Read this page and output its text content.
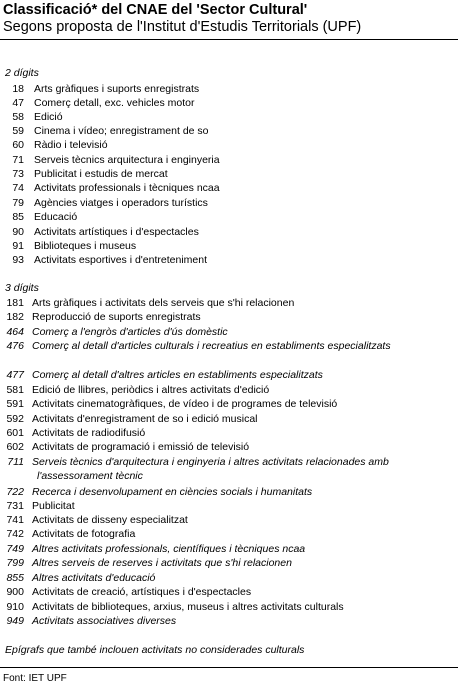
Classificació* del CNAE del 'Sector Cultural'
Segons proposta de l'Institut d'Estudis Territorials (UPF)
2 dígits
18 Arts gràfiques i suports enregistrats
47 Comerç detall, exc. vehicles motor
58 Edició
59 Cinema i vídeo; enregistrament de so
60 Ràdio i televisió
71 Serveis tècnics arquitectura i enginyeria
73 Publicitat i estudis de mercat
74 Activitats professionals i tècniques ncaa
79 Agències viatges i operadors turístics
85 Educació
90 Activitats artístiques i d'espectacles
91 Biblioteques i museus
93 Activitats esportives i d'entreteniment
3 dígits
181 Arts gràfiques i activitats dels serveis que s'hi relacionen
182 Reproducció de suports enregistrats
464 Comerç a l'engròs d'articles d'ús domèstic
476 Comerç al detall d'articles culturals i recreatius en establiments especialitzats
477 Comerç al detall d'altres articles en establiments especialitzats
581 Edició de llibres, periòdics i altres activitats d'edició
591 Activitats cinematogràfiques, de vídeo i de programes de televisió
592 Activitats d'enregistrament de so i edició musical
601 Activitats de radiodifusió
602 Activitats de programació i emissió de televisió
711 Serveis tècnics d'arquitectura i enginyeria i altres activitats relacionades amb
l'assessorament tècnic
722 Recerca i desenvolupament en ciències socials i humanitats
731 Publicitat
741 Activitats de disseny especialitzat
742 Activitats de fotografia
749 Altres activitats professionals, científiques i tècniques ncaa
799 Altres serveis de reserves i activitats que s'hi relacionen
855 Altres activitats d'educació
900 Activitats de creació, artístiques i d'espectacles
910 Activitats de biblioteques, arxius, museus i altres activitats culturals
949 Activitats associatives diverses
Epígrafs que també inclouen activitats no considerades culturals
Font: IET UPF
